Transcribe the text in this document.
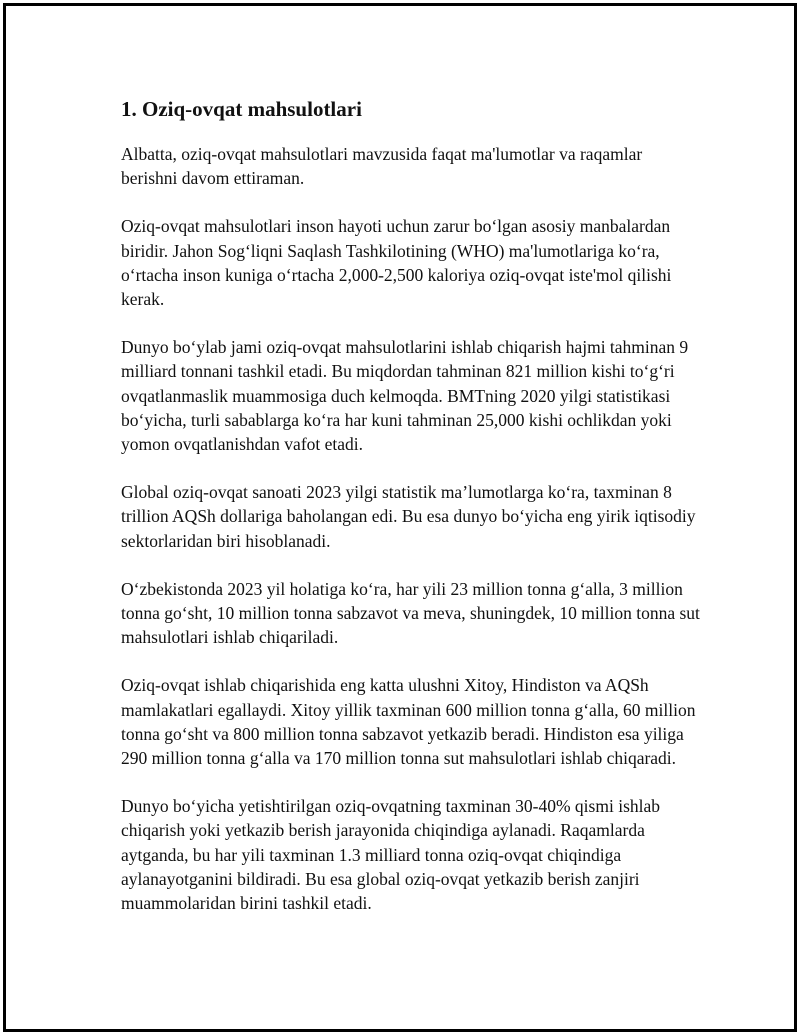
1. Oziq-ovqat mahsulotlari

Albatta, oziq-ovqat mahsulotlari mavzusida faqat ma'lumotlar va raqamlar berishni davom ettiraman.

Oziq-ovqat mahsulotlari inson hayoti uchun zarur bo‘lgan asosiy manbalardan biridir. Jahon Sog‘liqni Saqlash Tashkilotining (WHO) ma'lumotlariga ko‘ra, o‘rtacha inson kuniga o‘rtacha 2,000-2,500 kaloriya oziq-ovqat iste'mol qilishi kerak.

Dunyo bo‘ylab jami oziq-ovqat mahsulotlarini ishlab chiqarish hajmi tahminan 9 milliard tonnani tashkil etadi. Bu miqdordan tahminan 821 million kishi to‘g‘ri ovqatlanmaslik muammosiga duch kelmoqda. BMTning 2020 yilgi statistikasi bo‘yicha, turli sabablarga ko‘ra har kuni tahminan 25,000 kishi ochlikdan yoki yomon ovqatlanishdan vafot etadi.

Global oziq-ovqat sanoati 2023 yilgi statistik ma’lumotlarga ko‘ra, taxminan 8 trillion AQSh dollariga baholangan edi. Bu esa dunyo bo‘yicha eng yirik iqtisodiy sektorlaridan biri hisoblanadi.

O‘zbekistonda 2023 yil holatiga ko‘ra, har yili 23 million tonna g‘alla, 3 million tonna go‘sht, 10 million tonna sabzavot va meva, shuningdek, 10 million tonna sut mahsulotlari ishlab chiqariladi.

Oziq-ovqat ishlab chiqarishida eng katta ulushni Xitoy, Hindiston va AQSh mamlakatlari egallaydi. Xitoy yillik taxminan 600 million tonna g‘alla, 60 million tonna go‘sht va 800 million tonna sabzavot yetkazib beradi. Hindiston esa yiliga 290 million tonna g‘alla va 170 million tonna sut mahsulotlari ishlab chiqaradi.

Dunyo bo‘yicha yetishtirilgan oziq-ovqatning taxminan 30-40% qismi ishlab chiqarish yoki yetkazib berish jarayonida chiqindiga aylanadi. Raqamlarda aytganda, bu har yili taxminan 1.3 milliard tonna oziq-ovqat chiqindiga aylanayotganini bildiradi. Bu esa global oziq-ovqat yetkazib berish zanjiri muammolaridan birini tashkil etadi.
